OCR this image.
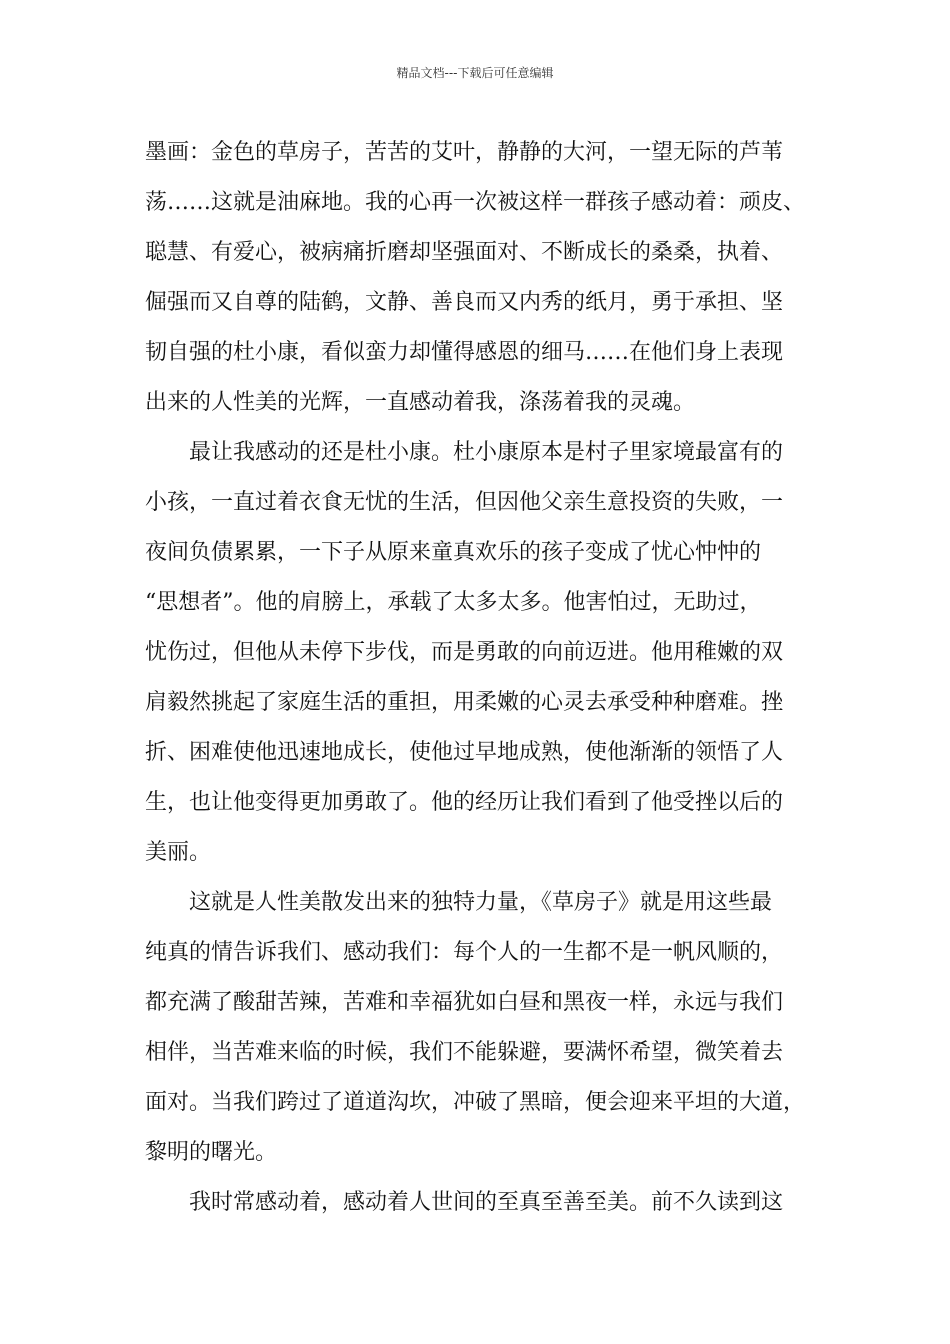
精品文档---下载后可任意编辑

墨画：金色的草房子，苦苦的艾叶，静静的大河，一望无际的芦苇
荡……这就是油麻地。我的心再一次被这样一群孩子感动着：顽皮、
聪慧、有爱心，被病痛折磨却坚强面对、不断成长的桑桑，执着、
倔强而又自尊的陆鹤，文静、善良而又内秀的纸月，勇于承担、坚
韧自强的杜小康，看似蛮力却懂得感恩的细马……在他们身上表现
出来的人性美的光辉，一直感动着我，涤荡着我的灵魂。

　　最让我感动的还是杜小康。杜小康原本是村子里家境最富有的
小孩，一直过着衣食无忧的生活，但因他父亲生意投资的失败，一
夜间负债累累，一下子从原来童真欢乐的孩子变成了忧心忡忡的
“思想者”。他的肩膀上，承载了太多太多。他害怕过，无助过，
忧伤过，但他从未停下步伐，而是勇敢的向前迈进。他用稚嫩的双
肩毅然挑起了家庭生活的重担，用柔嫩的心灵去承受种种磨难。挫
折、困难使他迅速地成长，使他过早地成熟，使他渐渐的领悟了人
生，也让他变得更加勇敢了。他的经历让我们看到了他受挫以后的
美丽。

　　这就是人性美散发出来的独特力量，《草房子》就是用这些最
纯真的情告诉我们、感动我们：每个人的一生都不是一帆风顺的，
都充满了酸甜苦辣，苦难和幸福犹如白昼和黑夜一样，永远与我们
相伴，当苦难来临的时候，我们不能躲避，要满怀希望，微笑着去
面对。当我们跨过了道道沟坎，冲破了黑暗，便会迎来平坦的大道，
黎明的曙光。

　　我时常感动着，感动着人世间的至真至善至美。前不久读到这
